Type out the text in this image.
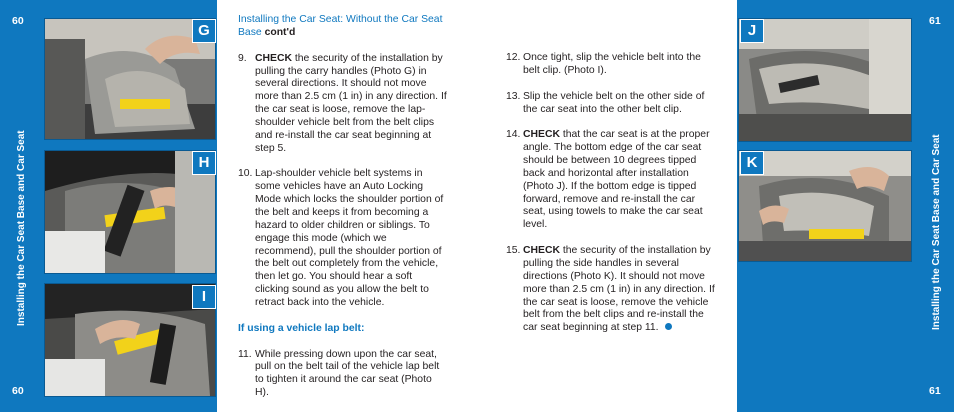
60
60
Installing the Car Seat Base and Car Seat
G
H
I

Installing the Car Seat: Without the Car Seat Base cont'd

9. CHECK the security of the installation by pulling the carry handles (Photo G) in several directions. It should not move more than 2.5 cm (1 in) in any direction. If the car seat is loose, remove the lap-shoulder vehicle belt from the belt clips and re-install the car seat beginning at step 5.

10. Lap-shoulder vehicle belt systems in some vehicles have an Auto Locking Mode which locks the shoulder portion of the belt and keeps it from becoming a hazard to older children or siblings. To engage this mode (which we recommend), pull the shoulder portion of the belt out completely from the vehicle, then let go. You should hear a soft clicking sound as you allow the belt to retract back into the vehicle.

If using a vehicle lap belt:

11. While pressing down upon the car seat, pull on the belt tail of the vehicle lap belt to tighten it around the car seat (Photo H).

12. Once tight, slip the vehicle belt into the belt clip. (Photo I).

13. Slip the vehicle belt on the other side of the car seat into the other belt clip.

14. CHECK that the car seat is at the proper angle. The bottom edge of the car seat should be between 10 degrees tipped back and horizontal after installation (Photo J). If the bottom edge is tipped forward, remove and re-install the car seat, using towels to make the car seat level.

15. CHECK the security of the installation by pulling the side handles in several directions (Photo K). It should not move more than 2.5 cm (1 in) in any direction. If the car seat is loose, remove the vehicle belt from the belt clips and re-install the car seat beginning at step 11.

61
61
Installing the Car Seat Base and Car Seat
J
K
